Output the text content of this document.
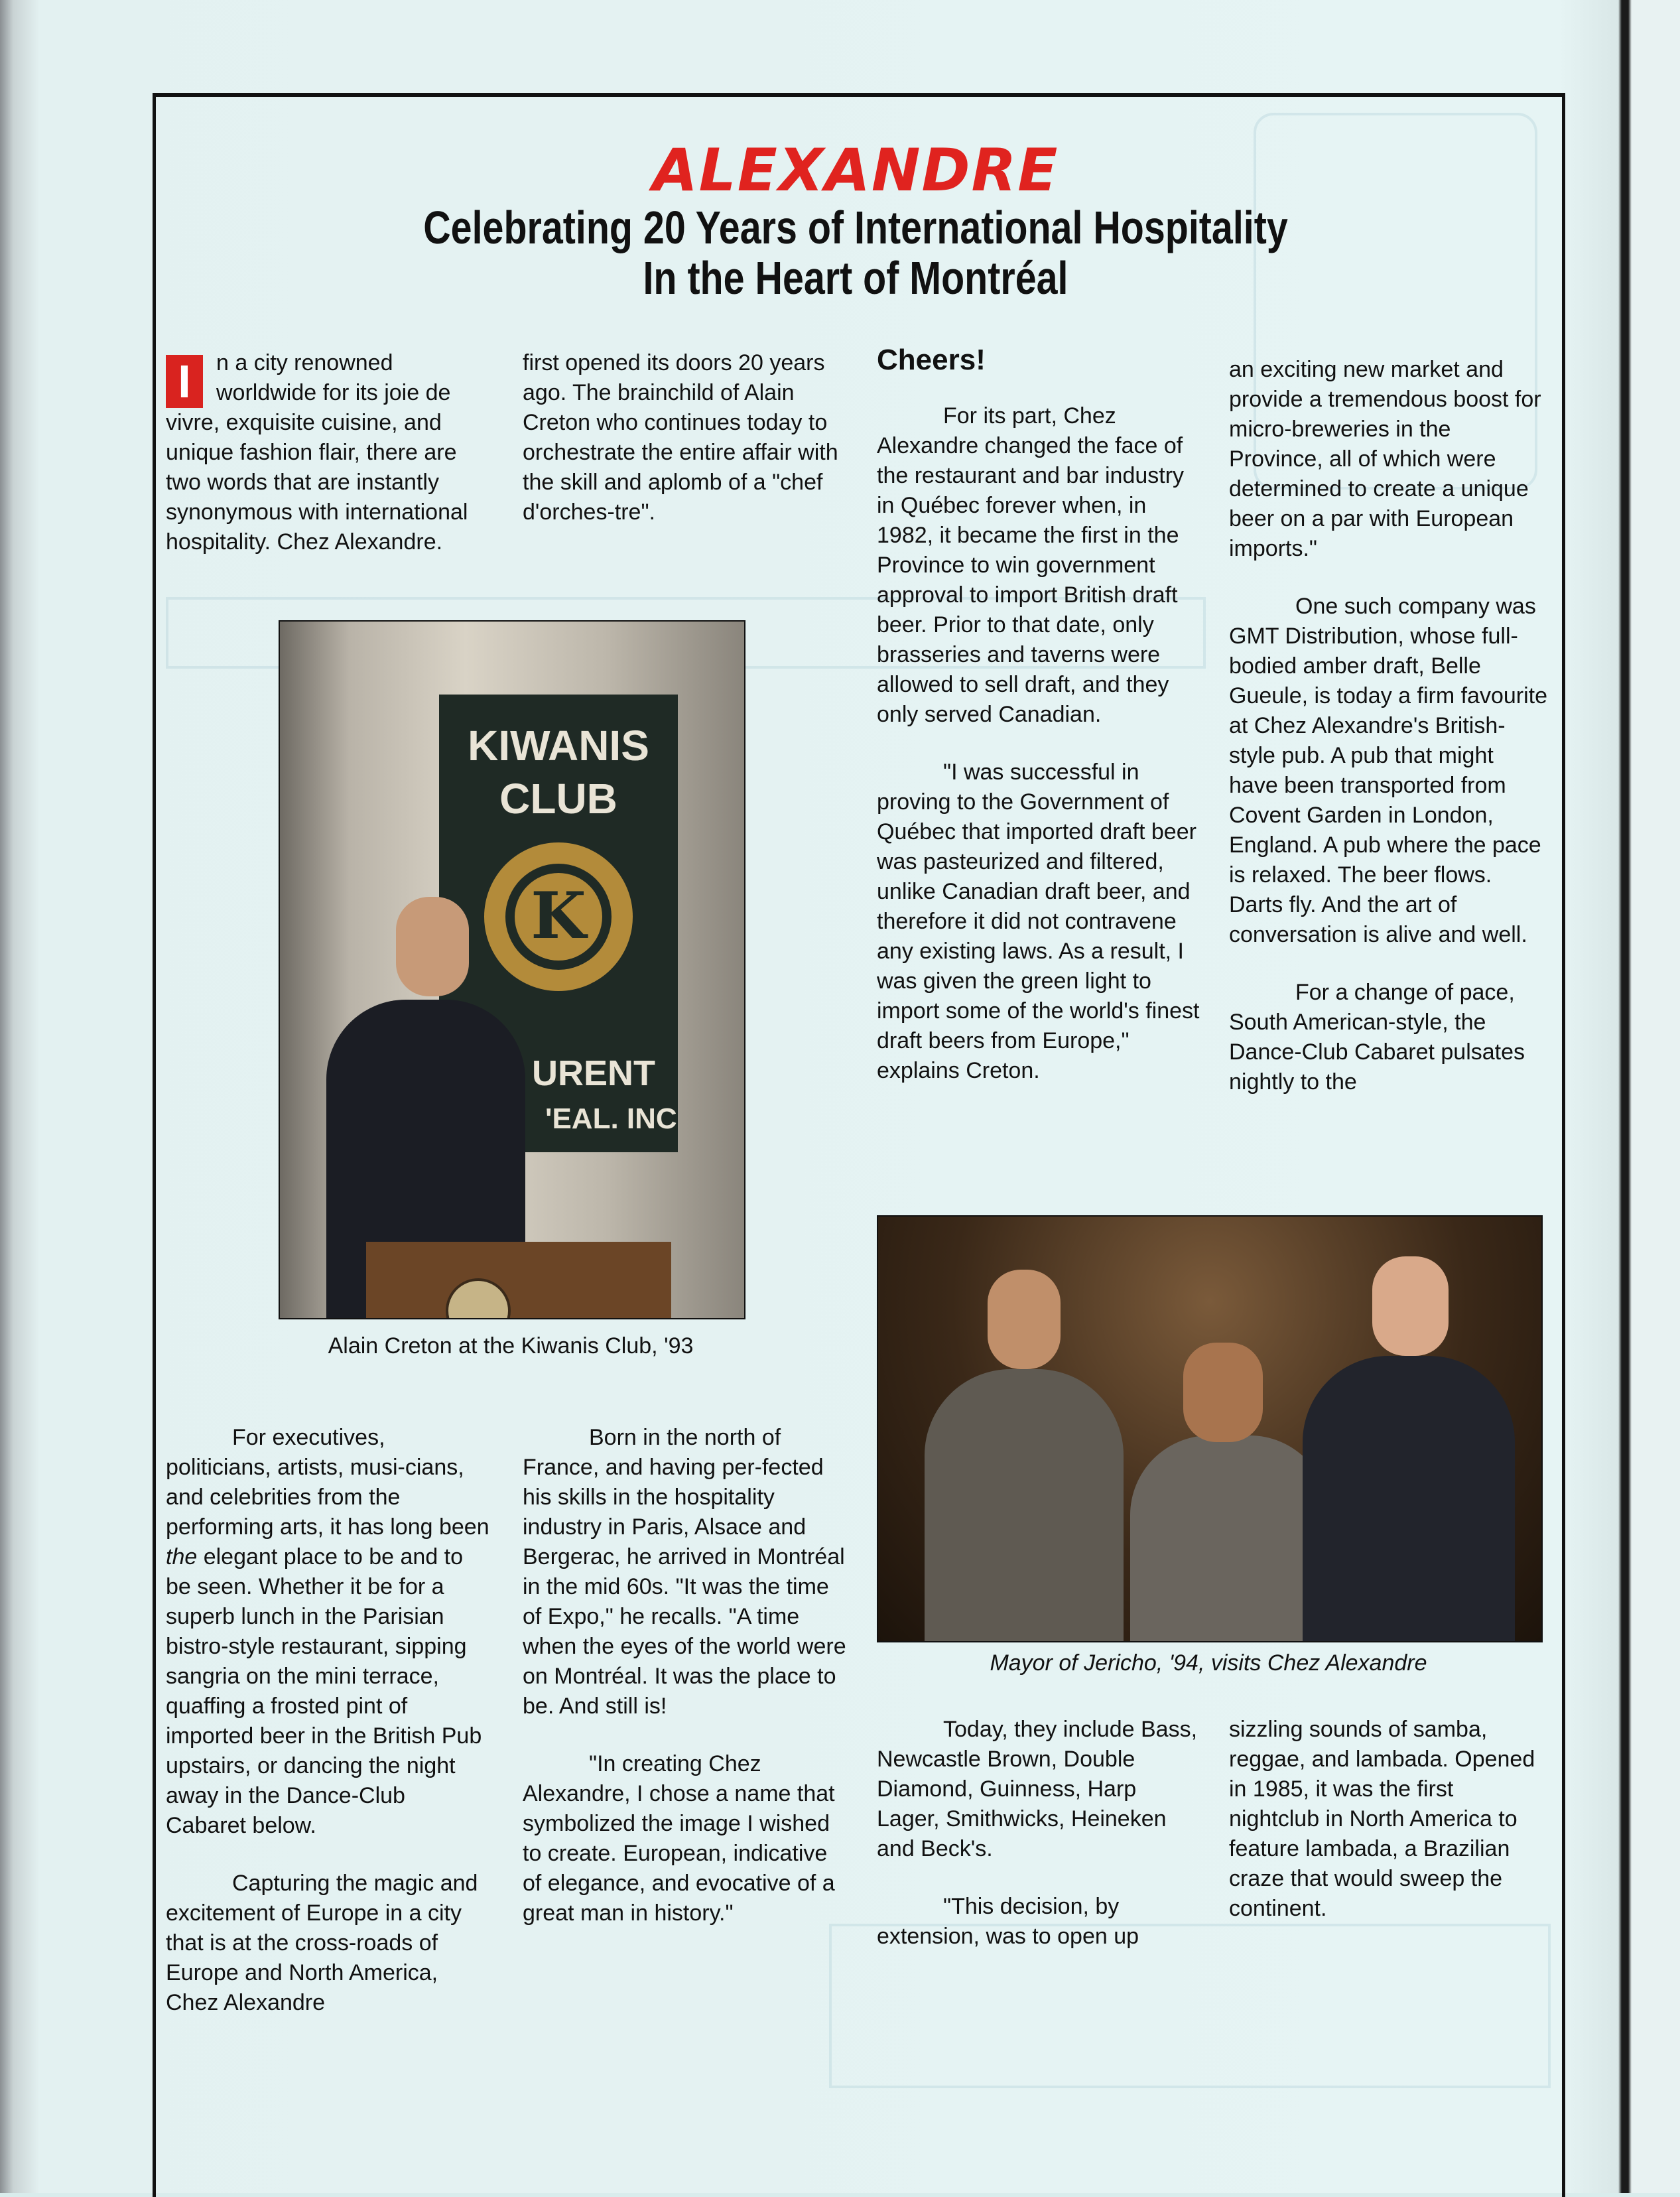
ALEXANDRE
Celebrating 20 Years of International Hospitality
In the Heart of Montréal

I	n a city renowned worldwide for its joie de vivre, exquisite cuisine, and unique fashion flair, there are two words that are instantly synonymous with international hospitality. Chez Alexandre.

first opened its doors 20 years ago. The brainchild of Alain Creton who continues today to orchestrate the entire affair with the skill and aplomb of a "chef d'orches-tre".

KIWANIS
CLUB
K
URENT
'EAL. INC
Alain Creton at the Kiwanis Club, '93

For executives, politicians, artists, musi-cians, and celebrities from the performing arts, it has long been the elegant place to be and to be seen. Whether it be for a superb lunch in the Parisian bistro-style restaurant, sipping sangria on the mini terrace, quaffing a frosted pint of imported beer in the British Pub upstairs, or dancing the night away in the Dance-Club Cabaret below.

Capturing the magic and excitement of Europe in a city that is at the cross-roads of Europe and North America, Chez Alexandre

Born in the north of France, and having per-fected his skills in the hospitality industry in Paris, Alsace and Bergerac, he arrived in Montréal in the mid 60s. "It was the time of Expo," he recalls. "A time when the eyes of the world were on Montréal. It was the place to be. And still is!

"In creating Chez Alexandre, I chose a name that symbolized the image I wished to create. European, indicative of elegance, and evocative of a great man in history."

Cheers!

For its part, Chez Alexandre changed the face of the restaurant and bar industry in Québec forever when, in 1982, it became the first in the Province to win government approval to import British draft beer. Prior to that date, only brasseries and taverns were allowed to sell draft, and they only served Canadian.

"I was successful in proving to the Government of Québec that imported draft beer was pasteurized and filtered, unlike Canadian draft beer, and therefore it did not contravene any existing laws. As a result, I was given the green light to import some of the world's finest draft beers from Europe," explains Creton.

an exciting new market and provide a tremendous boost for micro-breweries in the Province, all of which were determined to create a unique beer on a par with European imports."

One such company was GMT Distribution, whose full-bodied amber draft, Belle Gueule, is today a firm favourite at Chez Alexandre's British-style pub. A pub that might have been transported from Covent Garden in London, England. A pub where the pace is relaxed. The beer flows. Darts fly. And the art of conversation is alive and well.

For a change of pace, South American-style, the Dance-Club Cabaret pulsates nightly to the

Mayor of Jericho, '94, visits Chez Alexandre

Today, they include Bass, Newcastle Brown, Double Diamond, Guinness, Harp Lager, Smithwicks, Heineken and Beck's.

"This decision, by extension, was to open up

sizzling sounds of samba, reggae, and lambada. Opened in 1985, it was the first nightclub in North America to feature lambada, a Brazilian craze that would sweep the continent.
